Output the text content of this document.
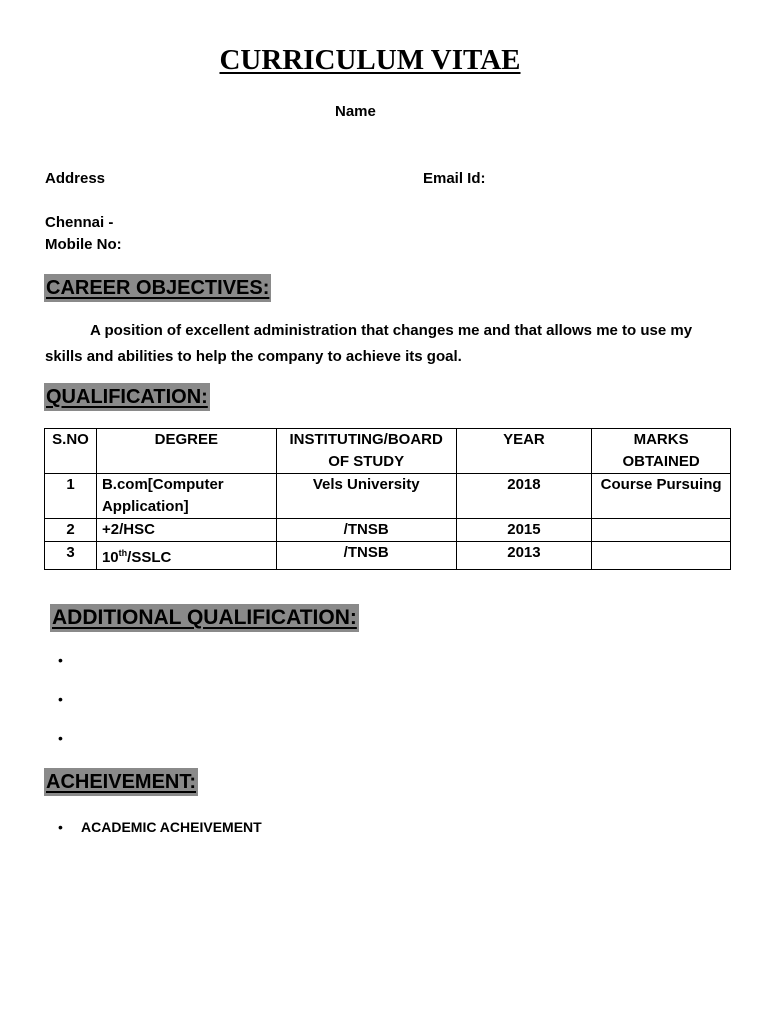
CURRICULUM VITAE
Name
Address	Email Id:
Chennai -
Mobile No:
CAREER OBJECTIVES:
A position of excellent administration that changes me and that allows me to use my skills and abilities to help the company to achieve its goal.
QUALIFICATION:
S.NO	DEGREE	INSTITUTING/BOARD OF STUDY	YEAR	MARKS OBTAINED
1	B.com[Computer Application]	Vels University	2018	Course Pursuing
2	+2/HSC	/TNSB	2015	
3	10th/SSLC	/TNSB	2013	
ADDITIONAL QUALIFICATION:
•
•
•
ACHEIVEMENT:
• ACADEMIC ACHEIVEMENT
